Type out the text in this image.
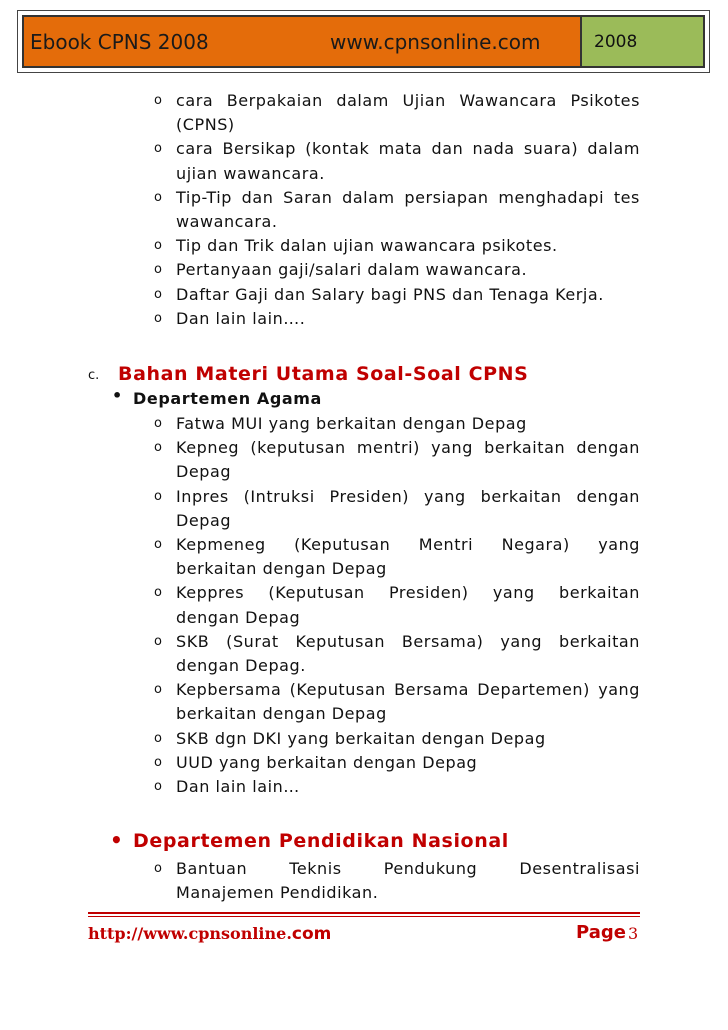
Ebook CPNS 2008	www.cpnsonline.com	2008
o cara Berpakaian dalam Ujian Wawancara Psikotes
(CPNS)
o cara Bersikap (kontak mata dan nada suara) dalam
ujian wawancara.
o Tip-Tip dan Saran dalam persiapan menghadapi tes
wawancara.
o Tip dan Trik dalan ujian wawancara psikotes.
o Pertanyaan gaji/salari dalam wawancara.
o Daftar Gaji dan Salary bagi PNS dan Tenaga Kerja.
o Dan lain lain….
c. Bahan Materi Utama Soal-Soal CPNS
• Departemen Agama
o Fatwa MUI yang berkaitan dengan Depag
o Kepneg (keputusan mentri) yang berkaitan dengan
Depag
o Inpres (Intruksi Presiden) yang berkaitan dengan
Depag
o Kepmeneg (Keputusan Mentri Negara) yang
berkaitan dengan Depag
o Keppres (Keputusan Presiden) yang berkaitan
dengan Depag
o SKB (Surat Keputusan Bersama) yang berkaitan
dengan Depag.
o Kepbersama (Keputusan Bersama Departemen) yang
berkaitan dengan Depag
o SKB dgn DKI yang berkaitan dengan Depag
o UUD yang berkaitan dengan Depag
o Dan lain lain…
• Departemen Pendidikan Nasional
o Bantuan	Teknis	Pendukung	Desentralisasi
Manajemen Pendidikan.
http://www.cpnsonline.com	Page 3
